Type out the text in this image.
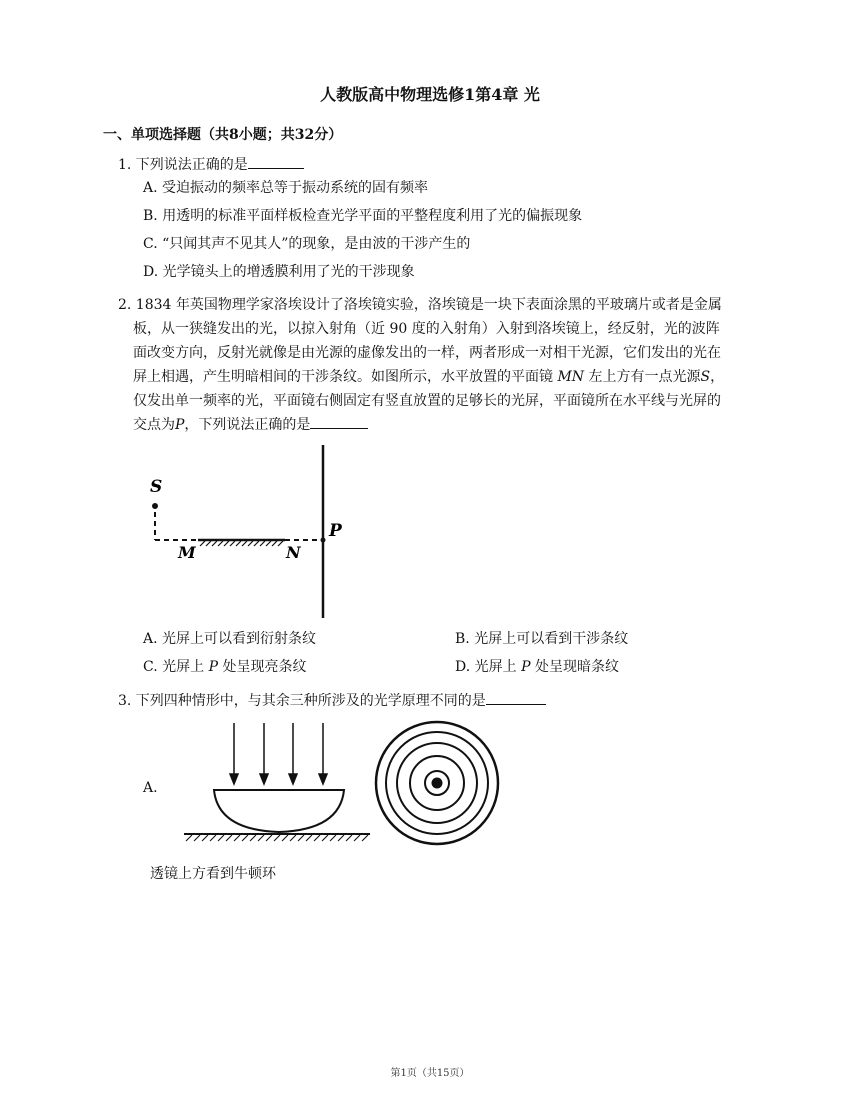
人教版高中物理选修1第4章 光
一、单项选择题（共8小题；共32分）
1. 下列说法正确的是
A. 受迫振动的频率总等于振动系统的固有频率
B. 用透明的标准平面样板检查光学平面的平整程度利用了光的偏振现象
C. “只闻其声不见其人”的现象，是由波的干涉产生的
D. 光学镜头上的增透膜利用了光的干涉现象
2. 1834 年英国物理学家洛埃设计了洛埃镜实验，洛埃镜是一块下表面涂黑的平玻璃片或者是金属
板，从一狭缝发出的光，以掠入射角（近 90 度的入射角）入射到洛埃镜上，经反射，光的波阵
面改变方向，反射光就像是由光源的虚像发出的一样，两者形成一对相干光源，它们发出的光在
屏上相遇，产生明暗相间的干涉条纹。如图所示，水平放置的平面镜 MN 左上方有一点光源S，
仅发出单一频率的光，平面镜右侧固定有竖直放置的足够长的光屏，平面镜所在水平线与光屏的
交点为P，下列说法正确的是
S
M	N
P
A. 光屏上可以看到衍射条纹	B. 光屏上可以看到干涉条纹
C. 光屏上 P 处呈现亮条纹	D. 光屏上 P 处呈现暗条纹
3. 下列四种情形中，与其余三种所涉及的光学原理不同的是
A.
透镜上方看到牛顿环
第1页（共15页）
